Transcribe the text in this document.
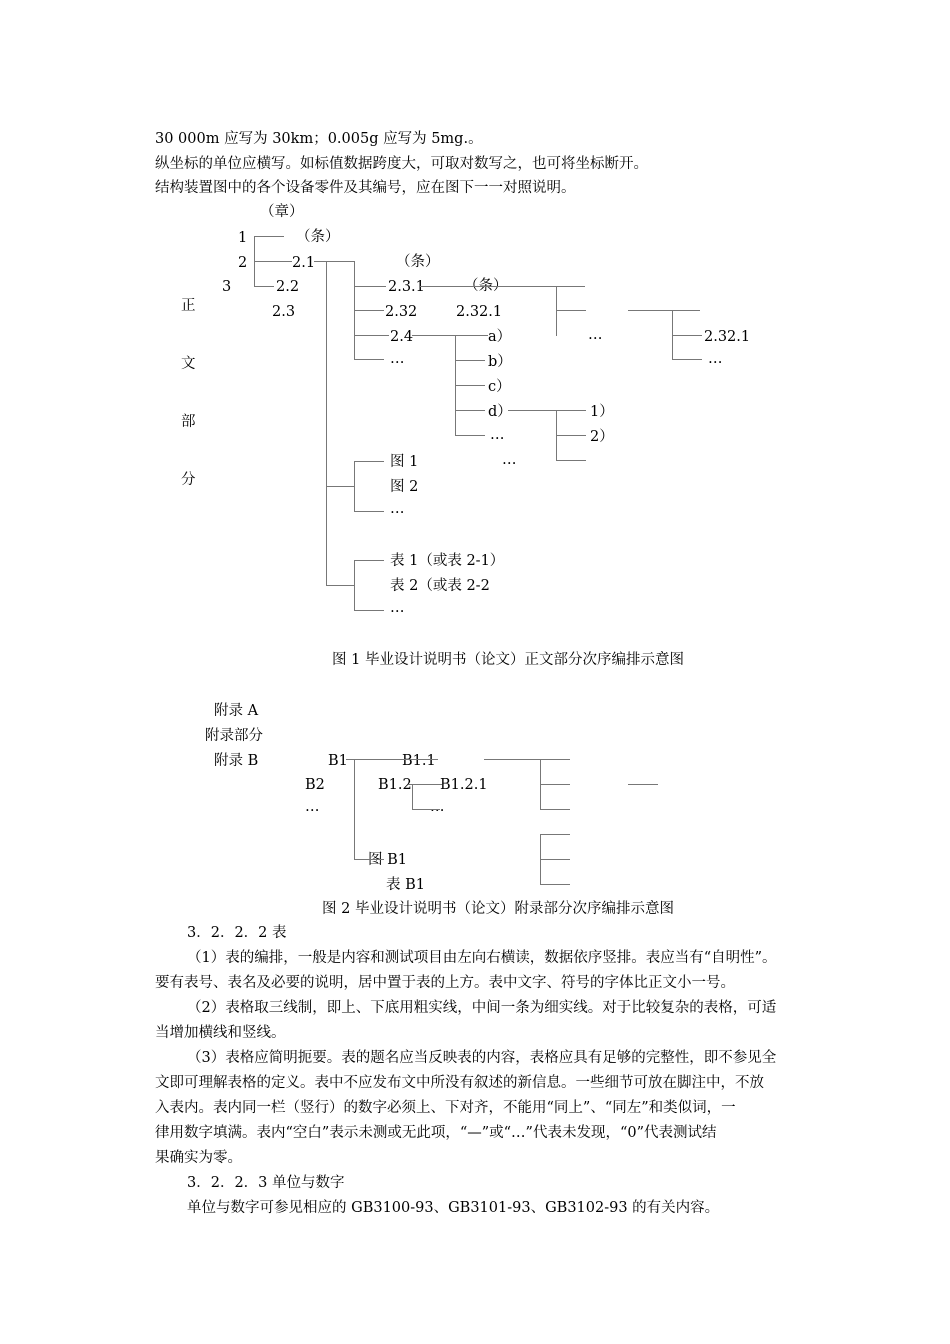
30 000m 应写为 30km；0.005g 应写为 5mg.。
纵坐标的单位应横写。如标值数据跨度大，可取对数写之，也可将坐标断开。
结构装置图中的各个设备零件及其编号，应在图下一一对照说明。
正
文
部
分
（章）
（条）
（条）
（条）
1
2
3
2.1
2.2
2.3
2.3.1
2.32
2.4
…
2.32.1
a）
b）
c）
d）
…
…
1）
2）
…	2.32.1
…
图 1
图 2
…
表 1（或表 2-1）
表 2（或表 2-2
…
图 1 毕业设计说明书（论文）正文部分次序编排示意图
附录 A
附录部分
附录 B	B1
B2
…
B1.1
B1.2 B1.2.1
…
图 B1
表 B1
图 2 毕业设计说明书（论文）附录部分次序编排示意图
3．2．2．2 表
（1）表的编排，一般是内容和测试项目由左向右横读，数据依序竖排。表应当有“自明性”。
要有表号、表名及必要的说明，居中置于表的上方。表中文字、符号的字体比正文小一号。
（2）表格取三线制，即上、下底用粗实线，中间一条为细实线。对于比较复杂的表格，可适
当增加横线和竖线。
（3）表格应简明扼要。表的题名应当反映表的内容，表格应具有足够的完整性，即不参见全
文即可理解表格的定义。表中不应发布文中所没有叙述的新信息。一些细节可放在脚注中，不放
入表内。表内同一栏（竖行）的数字必须上、下对齐，不能用“同上”、“同左”和类似词，一
律用数字填满。表内“空白”表示未测或无此项，“—”或“…”代表未发现，“0”代表测试结
果确实为零。
3．2．2．3 单位与数字
单位与数字可参见相应的 GB3100-93、GB3101-93、GB3102-93 的有关内容。
